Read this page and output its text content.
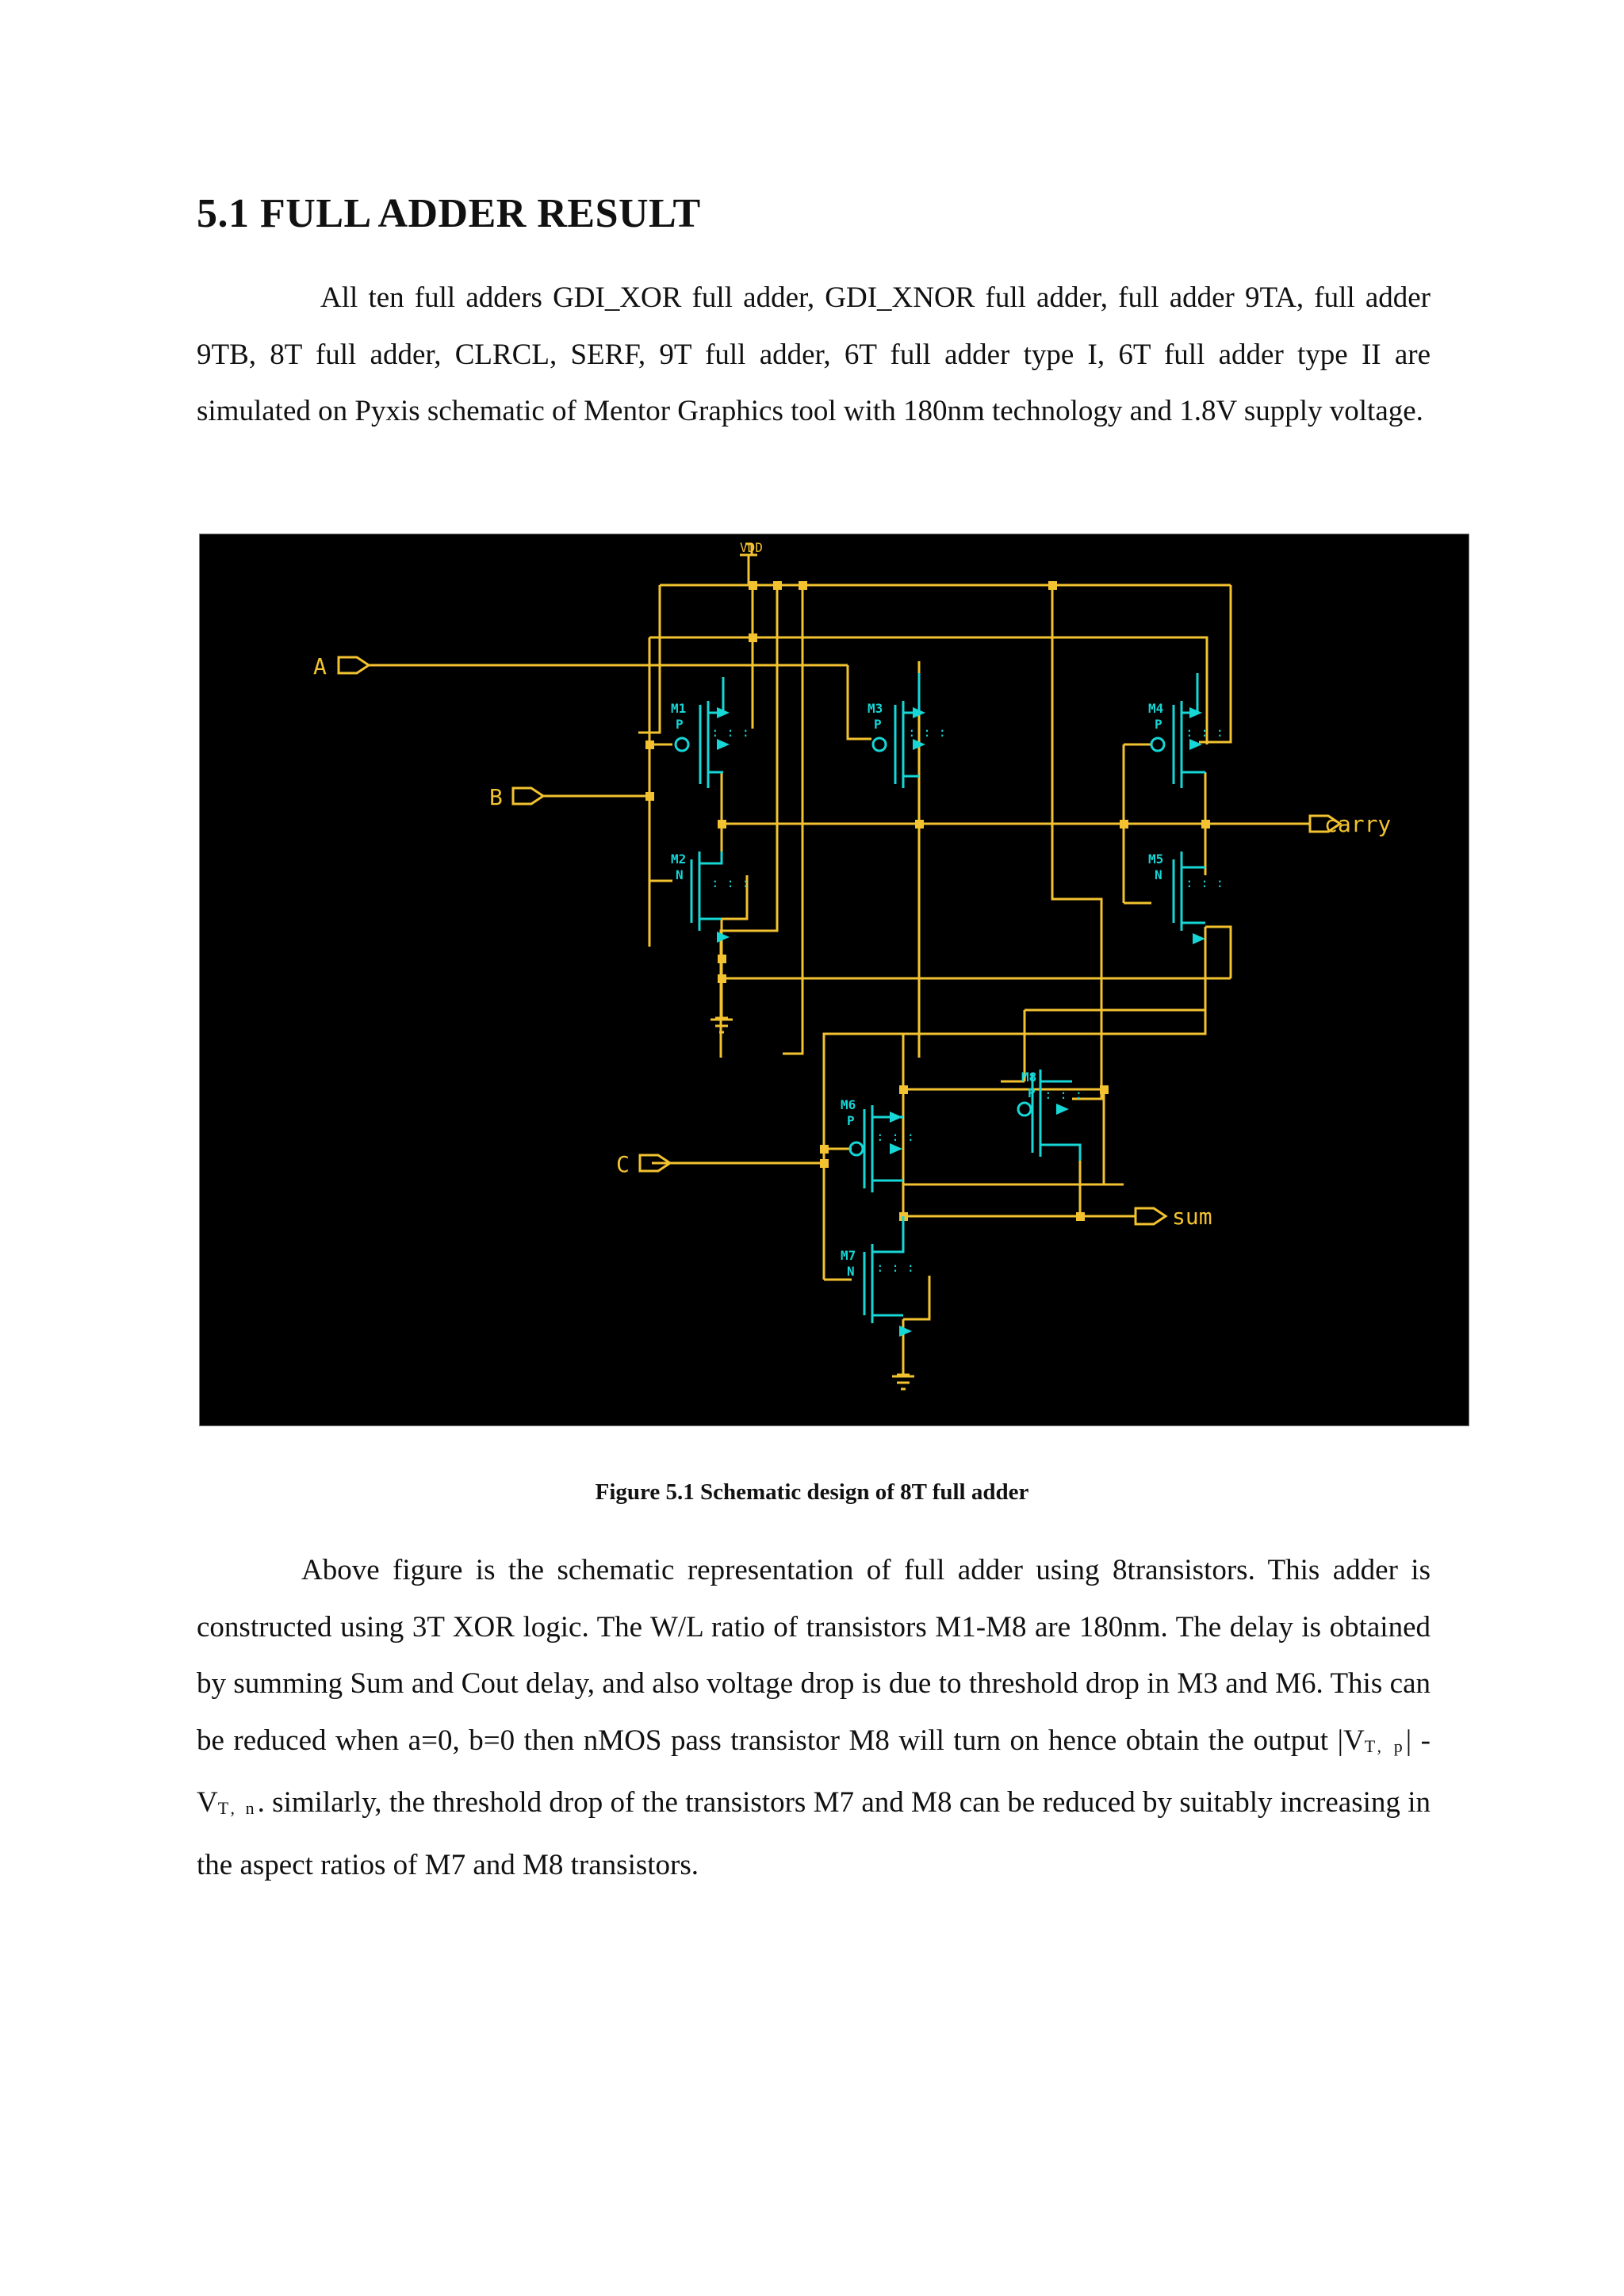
5.1 FULL ADDER RESULT

All ten full adders GDI_XOR full adder, GDI_XNOR full adder, full adder 9TA, full adder 9TB, 8T full adder, CLRCL, SERF, 9T full adder, 6T full adder type I, 6T full adder type II are simulated on Pyxis schematic of Mentor Graphics tool with 180nm technology and 1.8V supply voltage.

: : :
: : :
: : :	: : :
: : :
: : :
: : :
: : :
M1
P
M2
N
M3
P
M4
P
M5
N
M6
P
M7
N
M8
P
VDD
A
B
C
carry
sum

Figure 5.1 Schematic design of 8T full adder

Above figure is the schematic representation of full adder using 8transistors. This adder is constructed using 3T XOR logic. The W/L ratio of transistors M1-M8 are 180nm. The delay is obtained by summing Sum and Cout delay, and also voltage drop is due to threshold drop in M3 and M6. This can be reduced when a=0, b=0 then nMOS pass transistor M8 will turn on hence obtain the output |VT, p| -VT, n. similarly, the threshold drop of the transistors M7 and M8 can be reduced by suitably increasing in the aspect ratios of M7 and M8 transistors.
